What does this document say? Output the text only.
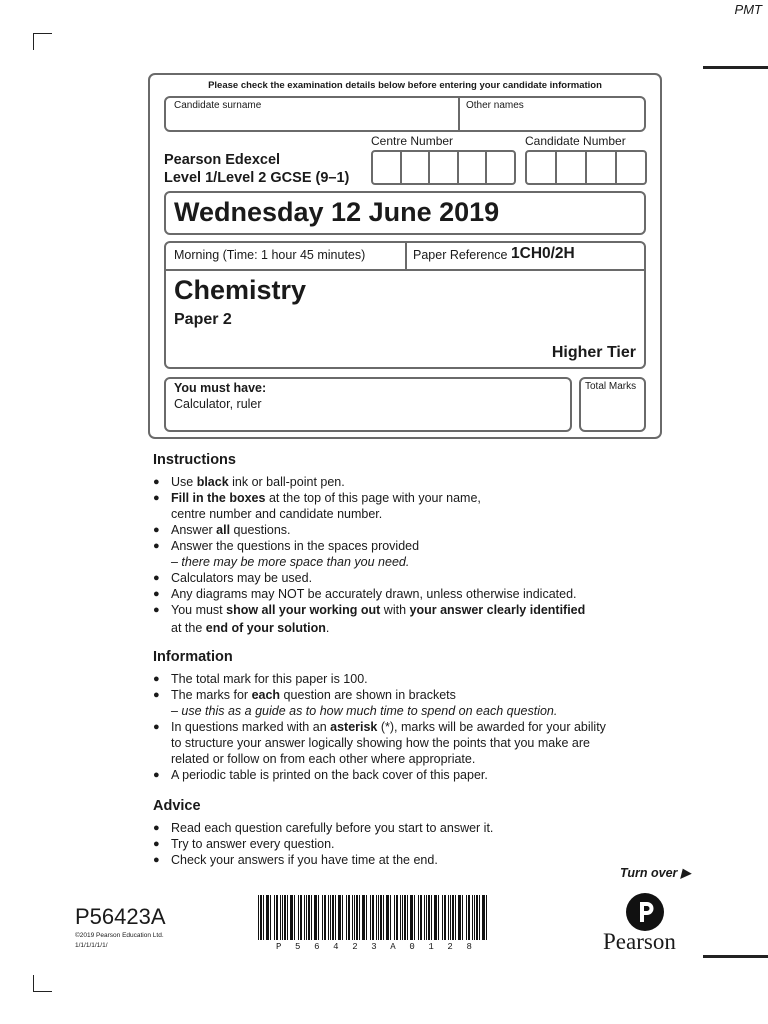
PMT
Please check the examination details below before entering your candidate information
Candidate surname	Other names
Centre Number	Candidate Number
Pearson Edexcel
Level 1/Level 2 GCSE (9–1)
Wednesday 12 June 2019
Morning (Time: 1 hour 45 minutes)	Paper Reference 1CH0/2H
Chemistry
Paper 2
Higher Tier
You must have:
Calculator, ruler
Total Marks
Instructions
● Use black ink or ball-point pen.
● Fill in the boxes at the top of this page with your name,
centre number and candidate number.
● Answer all questions.
● Answer the questions in the spaces provided
– there may be more space than you need.
● Calculators may be used.
● Any diagrams may NOT be accurately drawn, unless otherwise indicated.
● You must show all your working out with your answer clearly identified
at the end of your solution.
Information
● The total mark for this paper is 100.
● The marks for each question are shown in brackets
– use this as a guide as to how much time to spend on each question.
● In questions marked with an asterisk (*), marks will be awarded for your ability
to structure your answer logically showing how the points that you make are
related or follow on from each other where appropriate.
● A periodic table is printed on the back cover of this paper.
Advice
● Read each question carefully before you start to answer it.
● Try to answer every question.
● Check your answers if you have time at the end.
Turn over ▶
P56423A
©2019 Pearson Education Ltd.
1/1/1/1/1/1/	P 5 6 4 2 3 A 0 1 2 8	Pearson
